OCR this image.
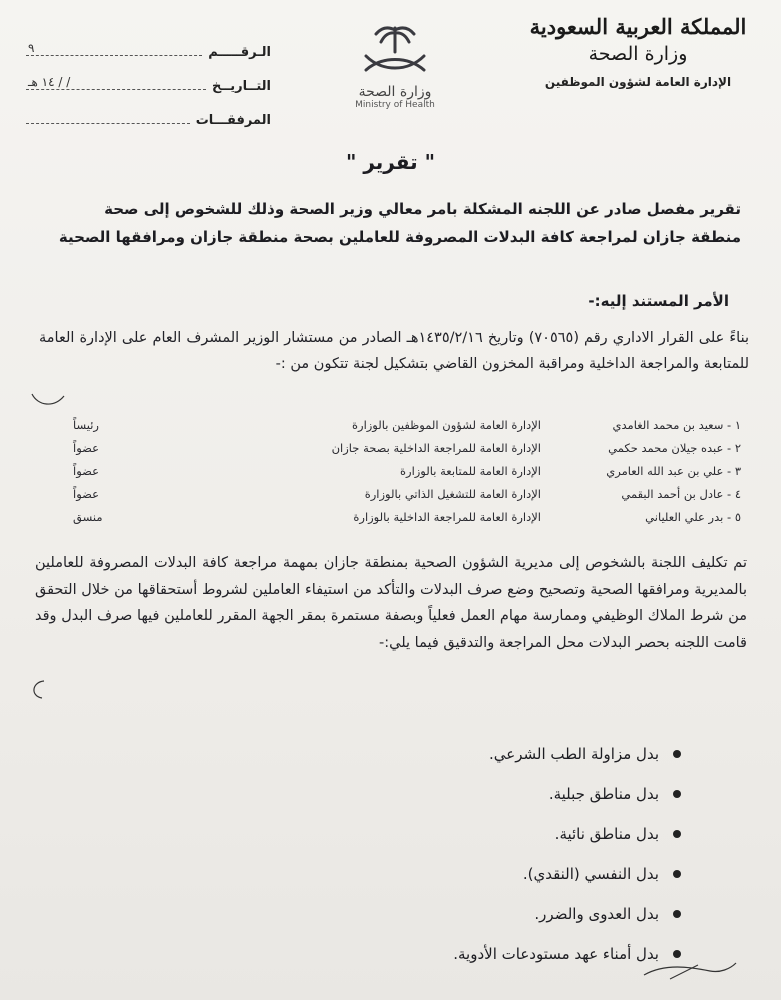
الـرقـــــم
٩
التــاريــخ
/ / ١٤ هـ
المرفقـــات
وزارة الصحة
Ministry of Health
المملكة العربية السعودية
وزارة الصحة
الإدارة العامة لشؤون الموظفين
" تقرير "
تقرير مفصل صادر عن اللجنه المشكلة بامر معالي وزير الصحة وذلك للشخوص إلى صحة منطقة جازان لمراجعة كافة البدلات المصروفة للعاملين بصحة منطقة جازان ومرافقها الصحية
الأمر المستند إليه:-
بناءً على القرار الاداري رقم (٧٠٥٦٥) وتاريخ ١٤٣٥/٢/١٦هـ الصادر من مستشار الوزير المشرف العام على الإدارة العامة للمتابعة والمراجعة الداخلية ومراقبة المخزون القاضي بتشكيل لجنة تتكون من :-
١ - سعيد بن محمد الغامدي
الإدارة العامة لشؤون الموظفين بالوزارة
رئيساً
٢ - عبده جيلان محمد حكمي
الإدارة العامة للمراجعة الداخلية بصحة جازان
عضواً
٣ - علي بن عبد الله العامري
الإدارة العامة للمتابعة بالوزارة
عضواً
٤ - عادل بن أحمد البقمي
الإدارة العامة للتشغيل الذاتي بالوزارة
عضواً
٥ - بدر علي العلياني
الإدارة العامة للمراجعة الداخلية بالوزارة
منسق
تم تكليف اللجنة بالشخوص إلى مديرية الشؤون الصحية بمنطقة جازان بمهمة مراجعة كافة البدلات المصروفة للعاملين بالمديرية ومرافقها الصحية وتصحيح وضع صرف البدلات والتأكد من استيفاء العاملين لشروط أستحقاقها من خلال التحقق من شرط الملاك الوظيفي وممارسة مهام العمل فعلياً وبصفة مستمرة بمقر الجهة المقرر للعاملين فيها صرف البدل وقد قامت اللجنه بحصر البدلات محل المراجعة والتدقيق فيما يلي:-
بدل مزاولة الطب الشرعي.
بدل مناطق جبلية.
بدل مناطق نائية.
بدل النفسي (النقدي).
بدل العدوى والضرر.
بدل أمناء عهد مستودعات الأدوية.
